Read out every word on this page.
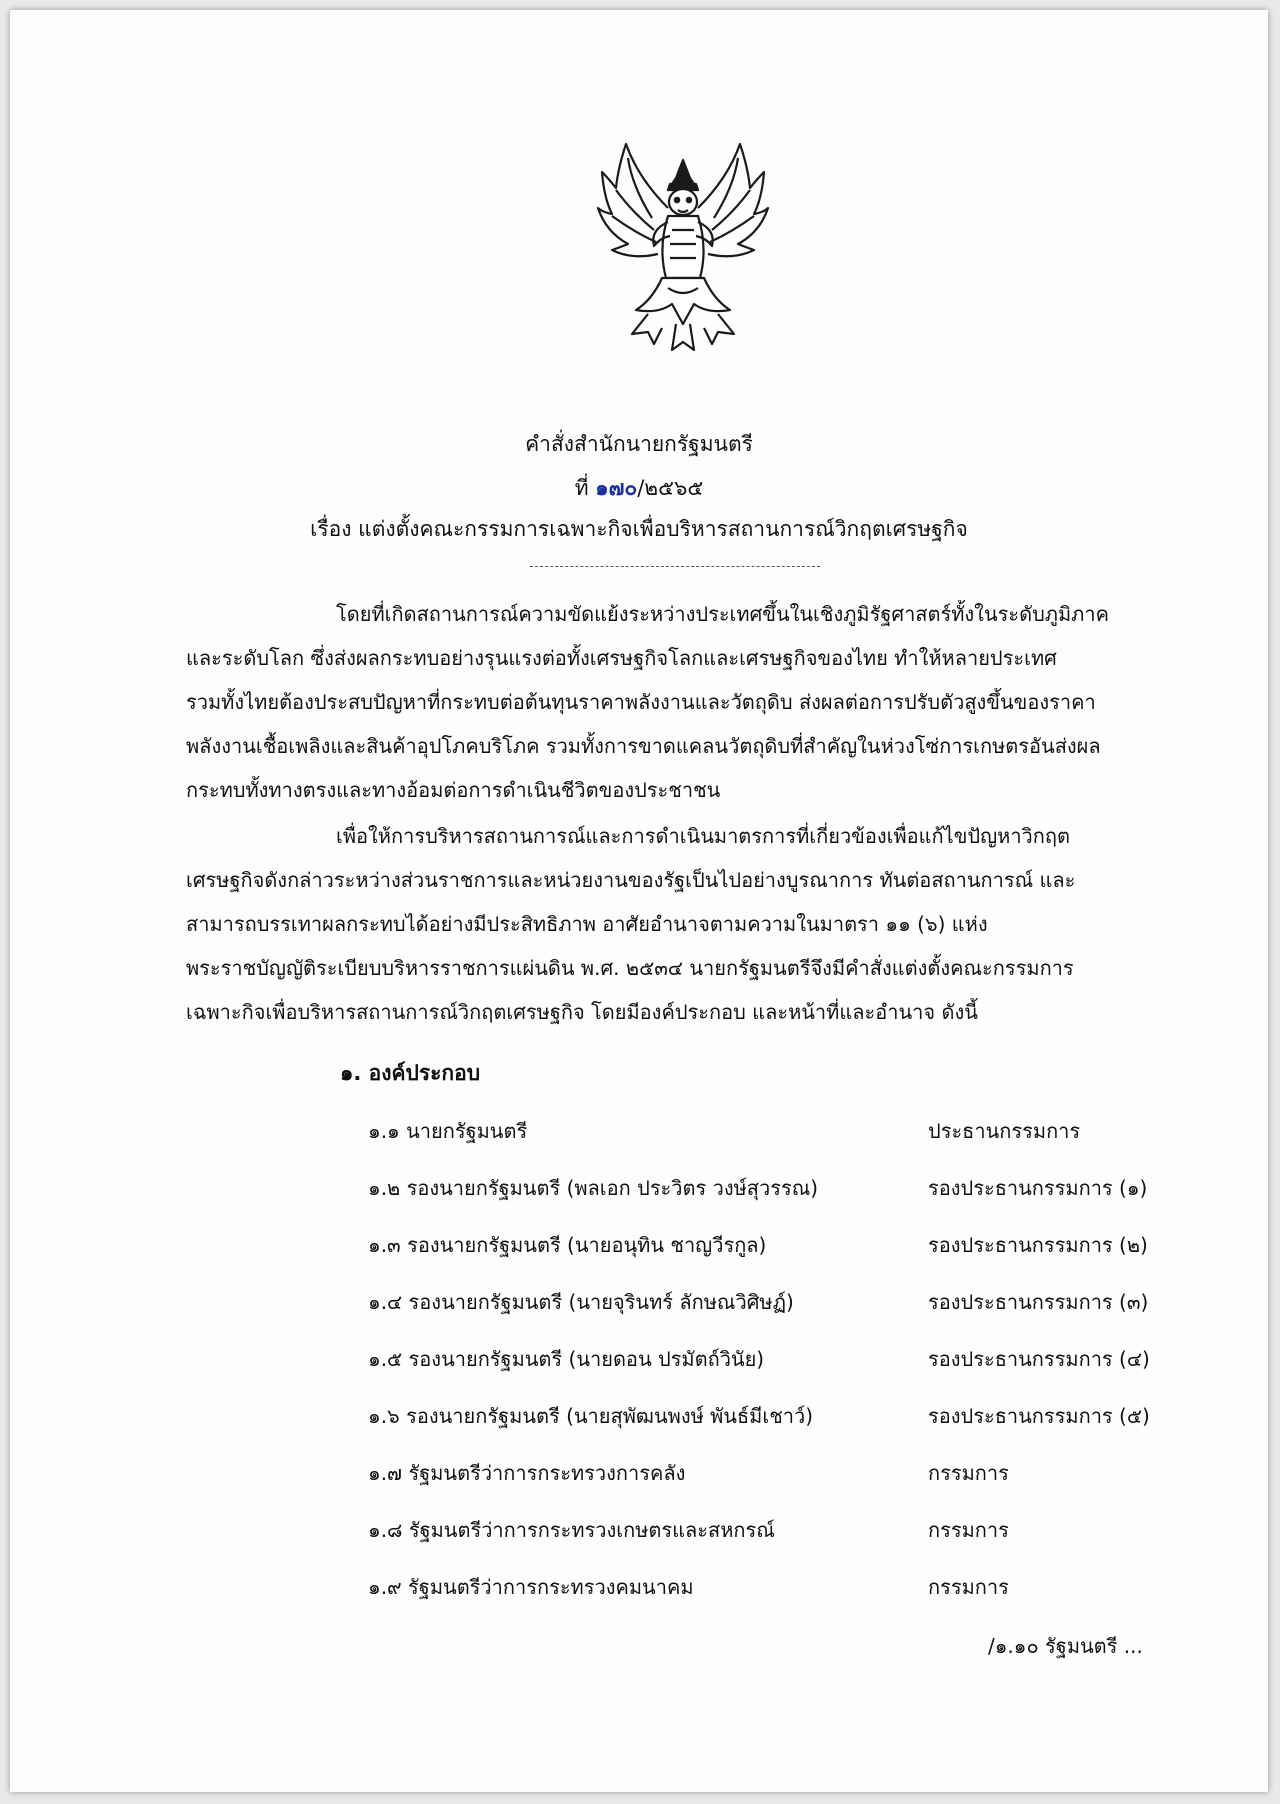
คำสั่งสำนักนายกรัฐมนตรี
ที่ ๑๗๐/๒๕๖๕
เรื่อง แต่งตั้งคณะกรรมการเฉพาะกิจเพื่อบริหารสถานการณ์วิกฤตเศรษฐกิจ
โดยที่เกิดสถานการณ์ความขัดแย้งระหว่างประเทศขึ้นในเชิงภูมิรัฐศาสตร์ทั้งในระดับภูมิภาค
และระดับโลก ซึ่งส่งผลกระทบอย่างรุนแรงต่อทั้งเศรษฐกิจโลกและเศรษฐกิจของไทย ทำให้หลายประเทศ
รวมทั้งไทยต้องประสบปัญหาที่กระทบต่อต้นทุนราคาพลังงานและวัตถุดิบ ส่งผลต่อการปรับตัวสูงขึ้นของราคา
พลังงานเชื้อเพลิงและสินค้าอุปโภคบริโภค รวมทั้งการขาดแคลนวัตถุดิบที่สำคัญในห่วงโซ่การเกษตรอันส่งผล
กระทบทั้งทางตรงและทางอ้อมต่อการดำเนินชีวิตของประชาชน
เพื่อให้การบริหารสถานการณ์และการดำเนินมาตรการที่เกี่ยวข้องเพื่อแก้ไขปัญหาวิกฤต
เศรษฐกิจดังกล่าวระหว่างส่วนราชการและหน่วยงานของรัฐเป็นไปอย่างบูรณาการ ทันต่อสถานการณ์ และ
สามารถบรรเทาผลกระทบได้อย่างมีประสิทธิภาพ อาศัยอำนาจตามความในมาตรา ๑๑ (๖) แห่ง
พระราชบัญญัติระเบียบบริหารราชการแผ่นดิน พ.ศ. ๒๕๓๔ นายกรัฐมนตรีจึงมีคำสั่งแต่งตั้งคณะกรรมการ
เฉพาะกิจเพื่อบริหารสถานการณ์วิกฤตเศรษฐกิจ โดยมีองค์ประกอบ และหน้าที่และอำนาจ ดังนี้
๑. องค์ประกอบ
๑.๑ นายกรัฐมนตรี	ประธานกรรมการ
๑.๒ รองนายกรัฐมนตรี (พลเอก ประวิตร วงษ์สุวรรณ)	รองประธานกรรมการ (๑)
๑.๓ รองนายกรัฐมนตรี (นายอนุทิน ชาญวีรกูล)	รองประธานกรรมการ (๒)
๑.๔ รองนายกรัฐมนตรี (นายจุรินทร์ ลักษณวิศิษฏ์)	รองประธานกรรมการ (๓)
๑.๕ รองนายกรัฐมนตรี (นายดอน ปรมัตถ์วินัย)	รองประธานกรรมการ (๔)
๑.๖ รองนายกรัฐมนตรี (นายสุพัฒนพงษ์ พันธ์มีเชาว์)	รองประธานกรรมการ (๕)
๑.๗ รัฐมนตรีว่าการกระทรวงการคลัง	กรรมการ
๑.๘ รัฐมนตรีว่าการกระทรวงเกษตรและสหกรณ์	กรรมการ
๑.๙ รัฐมนตรีว่าการกระทรวงคมนาคม	กรรมการ
/๑.๑๐ รัฐมนตรี ...
